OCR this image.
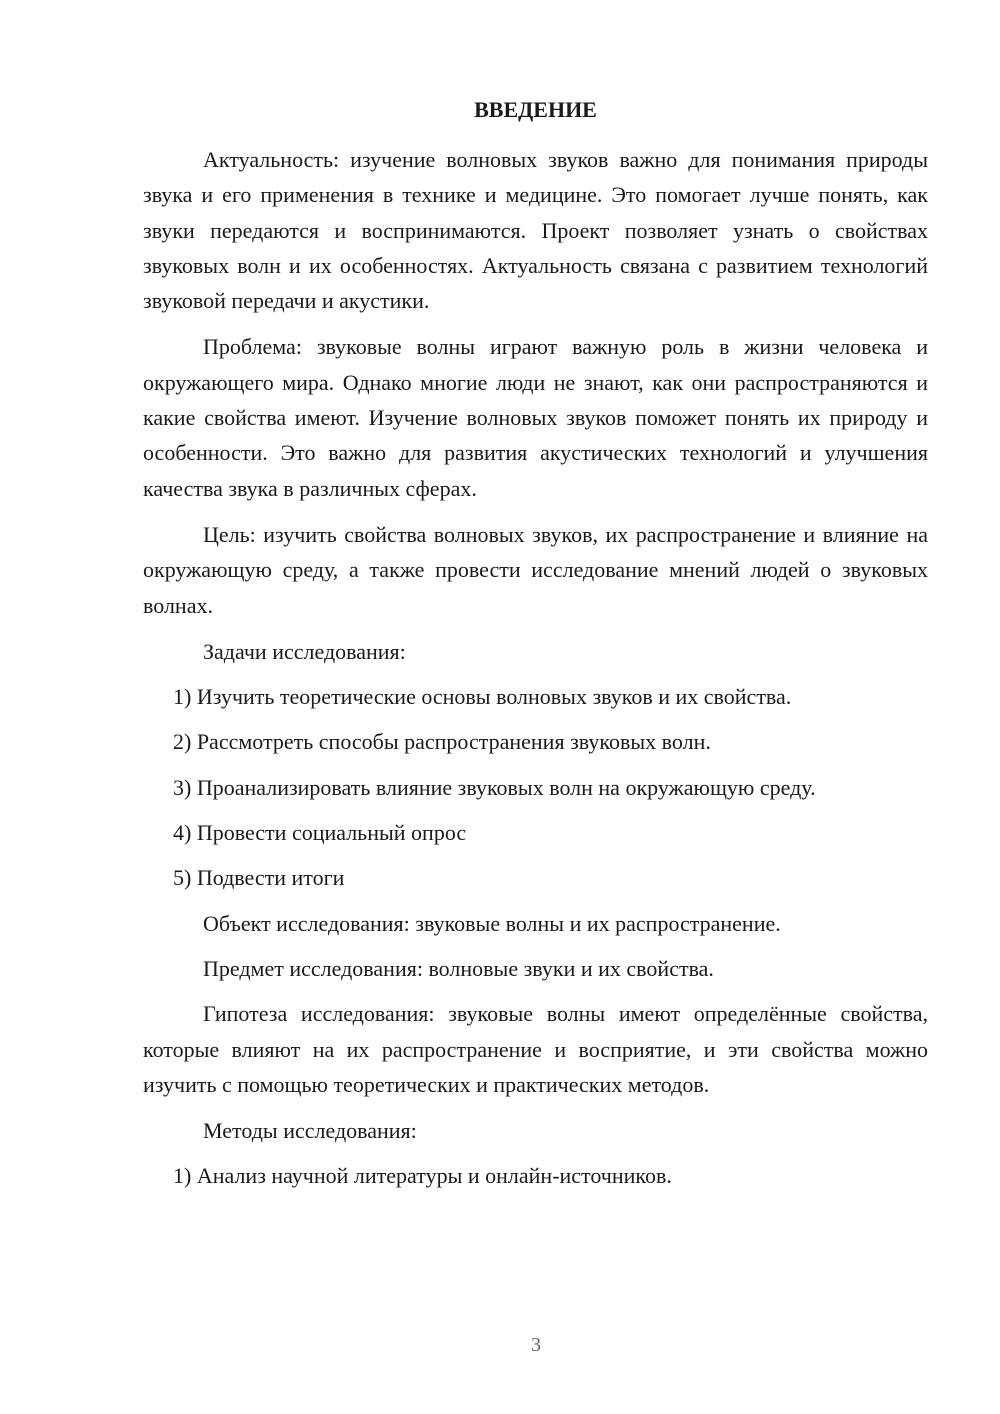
ВВЕДЕНИЕ

Актуальность: изучение волновых звуков важно для понимания природы звука и его применения в технике и медицине. Это помогает лучше понять, как звуки передаются и воспринимаются. Проект позволяет узнать о свойствах звуковых волн и их особенностях. Актуальность связана с развитием технологий звуковой передачи и акустики.

Проблема: звуковые волны играют важную роль в жизни человека и окружающего мира. Однако многие люди не знают, как они распространяются и какие свойства имеют. Изучение волновых звуков поможет понять их природу и особенности. Это важно для развития акустических технологий и улучшения качества звука в различных сферах.

Цель: изучить свойства волновых звуков, их распространение и влияние на окружающую среду, а также провести исследование мнений людей о звуковых волнах.

Задачи исследования:
1) Изучить теоретические основы волновых звуков и их свойства.
2) Рассмотреть способы распространения звуковых волн.
3) Проанализировать влияние звуковых волн на окружающую среду.
4) Провести социальный опрос
5) Подвести итоги
Объект исследования: звуковые волны и их распространение.
Предмет исследования: волновые звуки и их свойства.

Гипотеза исследования: звуковые волны имеют определённые свойства, которые влияют на их распространение и восприятие, и эти свойства можно изучить с помощью теоретических и практических методов.

Методы исследования:
1) Анализ научной литературы и онлайн-источников.
3
